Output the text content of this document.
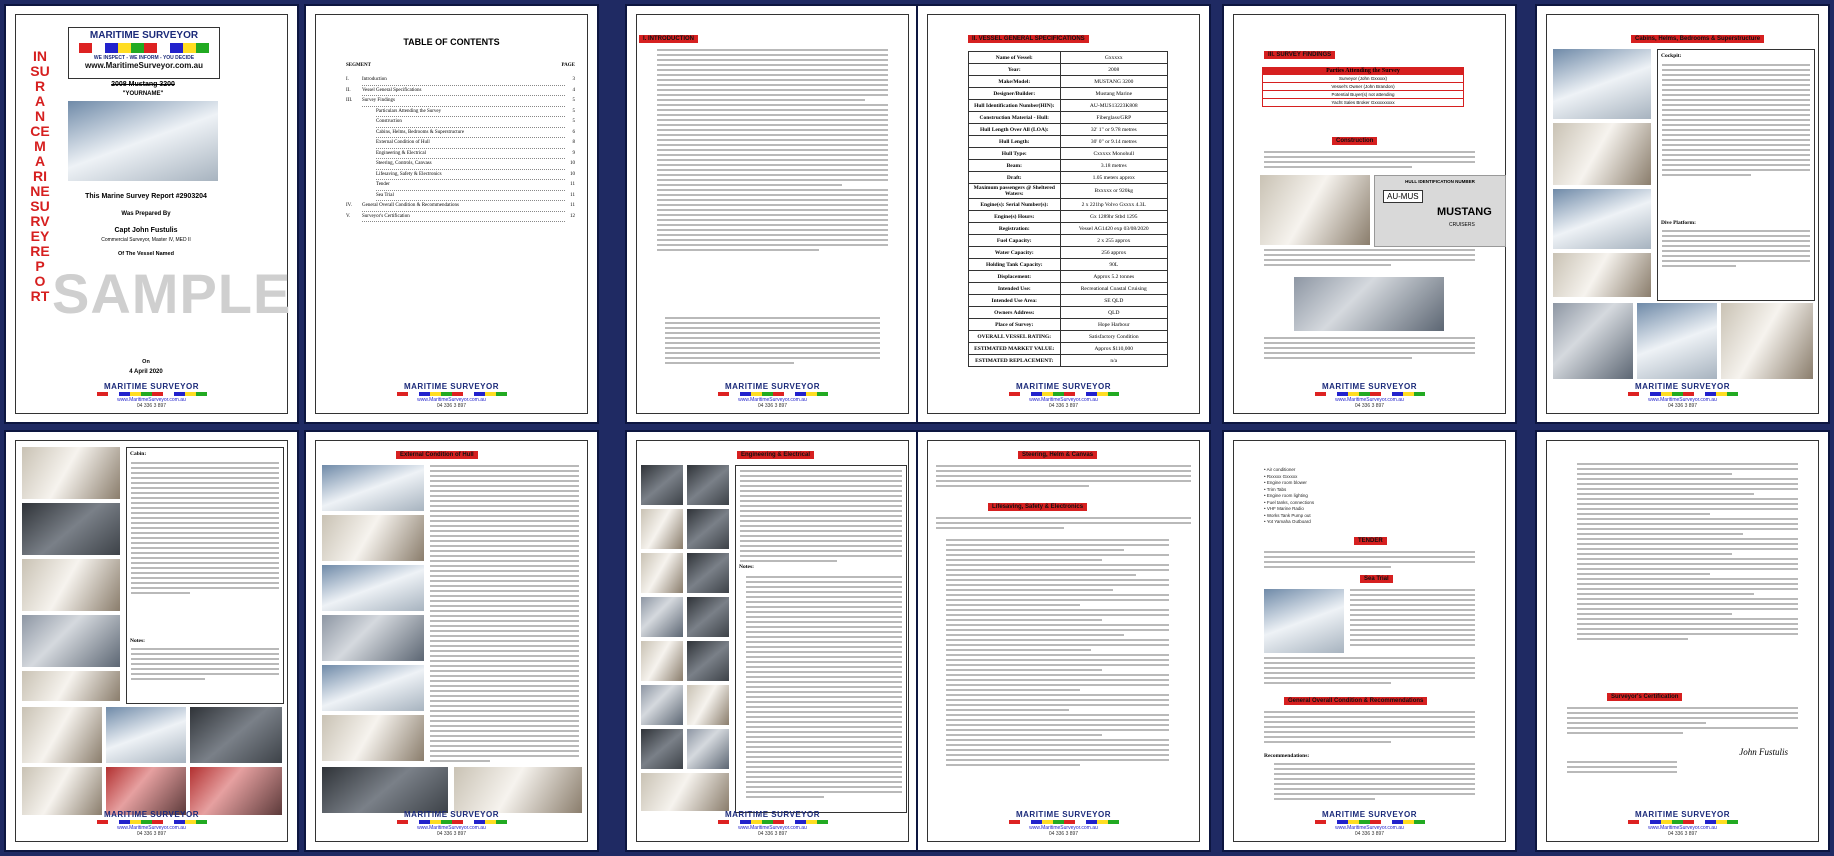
INSURANCE MARINE SURVEY REPORT
MARITIME SURVEYOR
WE INSPECT - WE INFORM - YOU DECIDE
www.MaritimeSurveyor.com.au
2008 Mustang 3200
"YOURNAME"
This Marine Survey Report #2903204
Was Prepared By
Capt John Fustulis
Commercial Surveyor, Master IV, MED II
Of The Vessel Named
SAMPLE
On
4 April 2020
MARITIME SURVEYOR
www.MaritimeSurveyor.com.au
04 336 3 897
TABLE OF CONTENTS
SEGMENT	PAGE
I.	Introduction	3
II.	Vessel General Specifications	4
III.	Survey Findings	5
Particulars Attending the Survey	5
Construction	5
Cabins, Helms, Bedrooms & Superstructure	6
External Condition of Hull	8
Engineering & Electrical	9
Steering, Controls, Canvass	10
Lifesaving, Safety & Electronics	10
Tender	11
Sea Trial	11
IV.	General Overall Condition & Recommendations	11
V.	Surveyor's Certification	12
MARITIME SURVEYOR
www.MaritimeSurveyor.com.au
04 336 3 897
I. INTRODUCTION
MARITIME SURVEYOR
www.MaritimeSurveyor.com.au
04 336 3 897
II. VESSEL GENERAL SPECIFICATIONS
Name of Vessel:	Gxxxxx
Year:	2008
Make/Model:	MUSTANG 3200
Designer/Builder:	Mustang Marine
Hull Identification Number(HIN):	AU-MUS13223K808
Construction Material - Hull:	Fiberglass/GRP
Hull Length Over All (LOA):	32' 1" or 9.78 metres
Hull Length:	30' 0" or 9.14 metres
Hull Type:	Cxxxxx Monohull
Beam:	3.18 metres
Draft:	1.05 meters approx
Maximum passengers @ Sheltered Waters:	Bxxxxx or 920kg
Engine(s): Serial Number(s):	2 x 221hp Volvo Gxxxx 4.3L
Engine(s) Hours:	Gx 1289hr Stbd 1295
Registration:	Vessel AG1420 exp 03/08/2020
Fuel Capacity:	2 x 255 approx
Water Capacity:	256 approx
Holding Tank Capacity:	90L
Displacement:	Approx 5.2 tonnes
Intended Use:	Recreational Coastal Cruising
Intended Use Area:	SE QLD
Owners Address:	QLD
Place of Survey:	Hope Harbour
OVERALL VESSEL RATING:	Satisfactory Condition
ESTIMATED MARKET VALUE:	Approx $110,000
ESTIMATED REPLACEMENT:	n/a
MARITIME SURVEYOR
www.MaritimeSurveyor.com.au
04 336 3 897
III. SURVEY FINDINGS
Parties Attending the Survey
Surveyor (John Gxxxxx)
Vessel's Owner (John Brandon)
Potential Buyer(s) not attending
Yacht Sales Broker Gxxxxxxxxx
Construction
HULL IDENTIFICATION NUMBER
AU-MUS
MUSTANG
CRUISERS
MARITIME SURVEYOR
www.MaritimeSurveyor.com.au
04 336 3 897
Cabins, Helms, Bedrooms & Superstructure
Cockpit:
Dive Platform:
MARITIME SURVEYOR
www.MaritimeSurveyor.com.au
04 336 3 897
Cabin:
Notes:
MARITIME SURVEYOR
www.MaritimeSurveyor.com.au
04 336 3 897
External Condition of Hull
MARITIME SURVEYOR
www.MaritimeSurveyor.com.au
04 336 3 897
Engineering & Electrical
Notes:
MARITIME SURVEYOR
www.MaritimeSurveyor.com.au
04 336 3 897
Steering, Helm & Canvas
Lifesaving, Safety & Electronics
MARITIME SURVEYOR
www.MaritimeSurveyor.com.au
04 336 3 897
• Air conditioner
• Rxxxxx Gxxxxx
• Engine room blower
• Trim Tabs
• Engine room lighting
• Fuel tanks, connections
• VHF Marine Radio
• Works Tank Pump out
• Yot Yamaha Outboard
TENDER
Sea Trial
General Overall Condition & Recommendations
Recommendations:
MARITIME SURVEYOR
www.MaritimeSurveyor.com.au
04 336 3 897
Surveyor's Certification
John Fustulis
MARITIME SURVEYOR
www.MaritimeSurveyor.com.au
04 336 3 897
